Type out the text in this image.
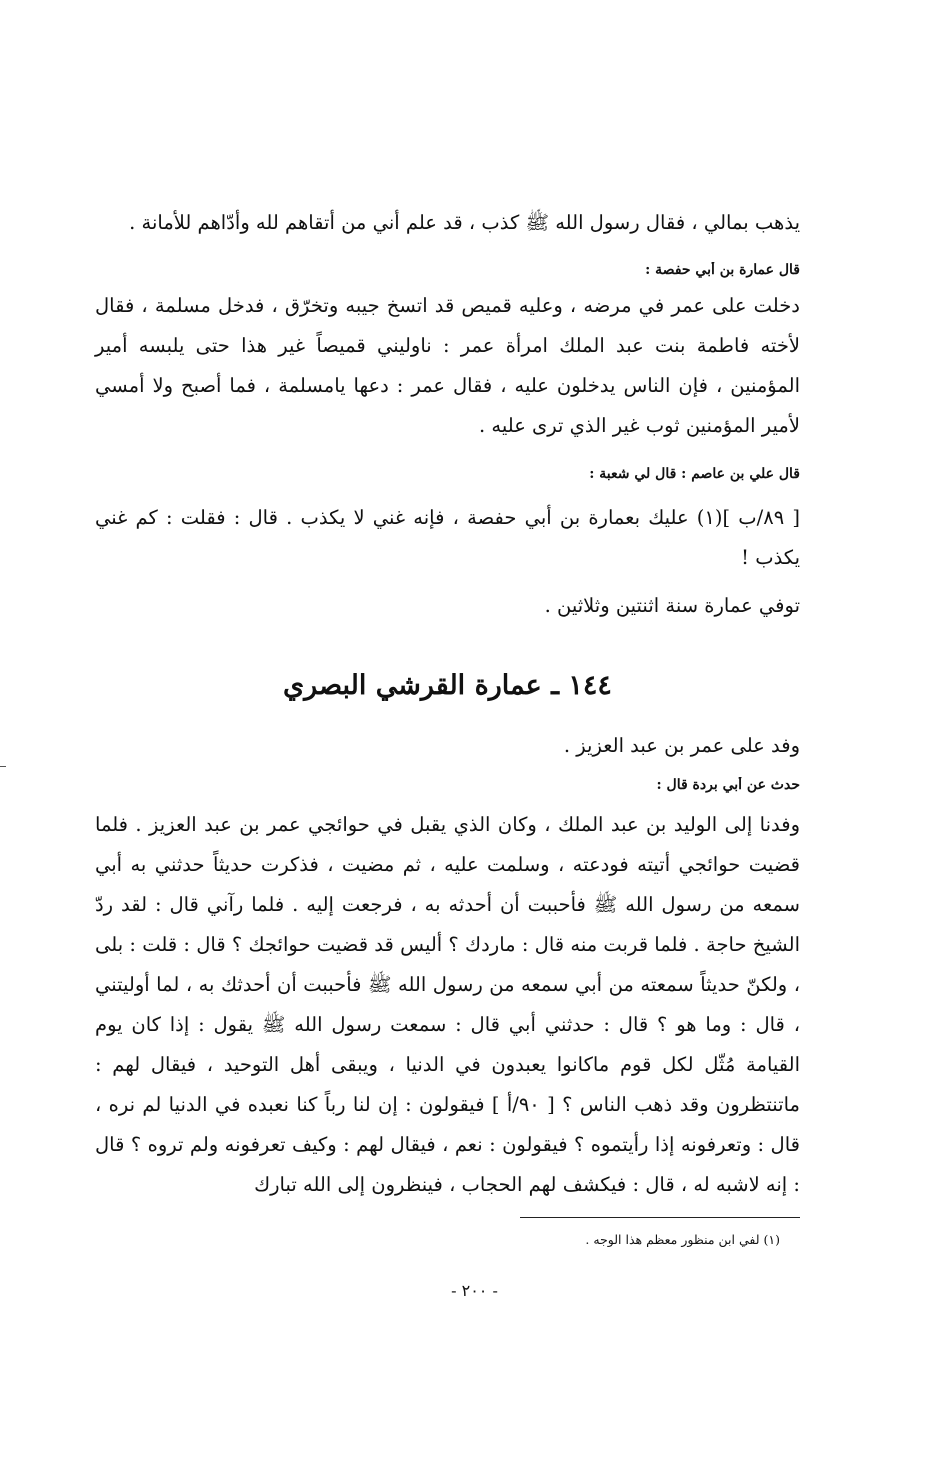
يذهب بمالي ، فقال رسول الله ﷺ كذب ، قد علم أني من أتقاهم لله وأدّاهم للأمانة .
قال عمارة بن أبي حفصة :
دخلت على عمر في مرضه ، وعليه قميص قد اتسخ جيبه وتخرّق ، فدخل مسلمة ، فقال لأخته فاطمة بنت عبد الملك امرأة عمر : ناوليني قميصاً غير هذا حتى يلبسه أمير المؤمنين ، فإن الناس يدخلون عليه ، فقال عمر : دعها يامسلمة ، فما أصبح ولا أمسي لأمير المؤمنين ثوب غير الذي ترى عليه .
قال علي بن عاصم : قال لي شعبة :
[ ٨٩/ب ](١) عليك بعمارة بن أبي حفصة ، فإنه غني لا يكذب . قال : فقلت : كم غني يكذب !
توفي عمارة سنة اثنتين وثلاثين .
١٤٤ ـ عمارة القرشي البصري
وفد على عمر بن عبد العزيز .
حدث عن أبي بردة قال :
وفدنا إلى الوليد بن عبد الملك ، وكان الذي يقبل في حوائجي عمر بن عبد العزيز . فلما قضيت حوائجي أتيته فودعته ، وسلمت عليه ، ثم مضيت ، فذكرت حديثاً حدثني به أبي سمعه من رسول الله ﷺ فأحببت أن أحدثه به ، فرجعت إليه . فلما رآني قال : لقد ردّ الشيخ حاجة . فلما قربت منه قال : ماردك ؟ أليس قد قضيت حوائجك ؟ قال : قلت : بلى ، ولكنّ حديثاً سمعته من أبي سمعه من رسول الله ﷺ فأحببت أن أحدثك به ، لما أوليتني ، قال : وما هو ؟ قال : حدثني أبي قال : سمعت رسول الله ﷺ يقول : إذا كان يوم القيامة مُثّل لكل قوم ماكانوا يعبدون في الدنيا ، ويبقى أهل التوحيد ، فيقال لهم : ماتنتظرون وقد ذهب الناس ؟ [ ٩٠/أ ] فيقولون : إن لنا رباً كنا نعبده في الدنيا لم نره ، قال : وتعرفونه إذا رأيتموه ؟ فيقولون : نعم ، فيقال لهم : وكيف تعرفونه ولم تروه ؟ قال : إنه لاشبه له ، قال : فيكشف لهم الحجاب ، فينظرون إلى الله تبارك
(١) لفي ابن منظور معظم هذا الوجه .
- ٢٠٠ -
